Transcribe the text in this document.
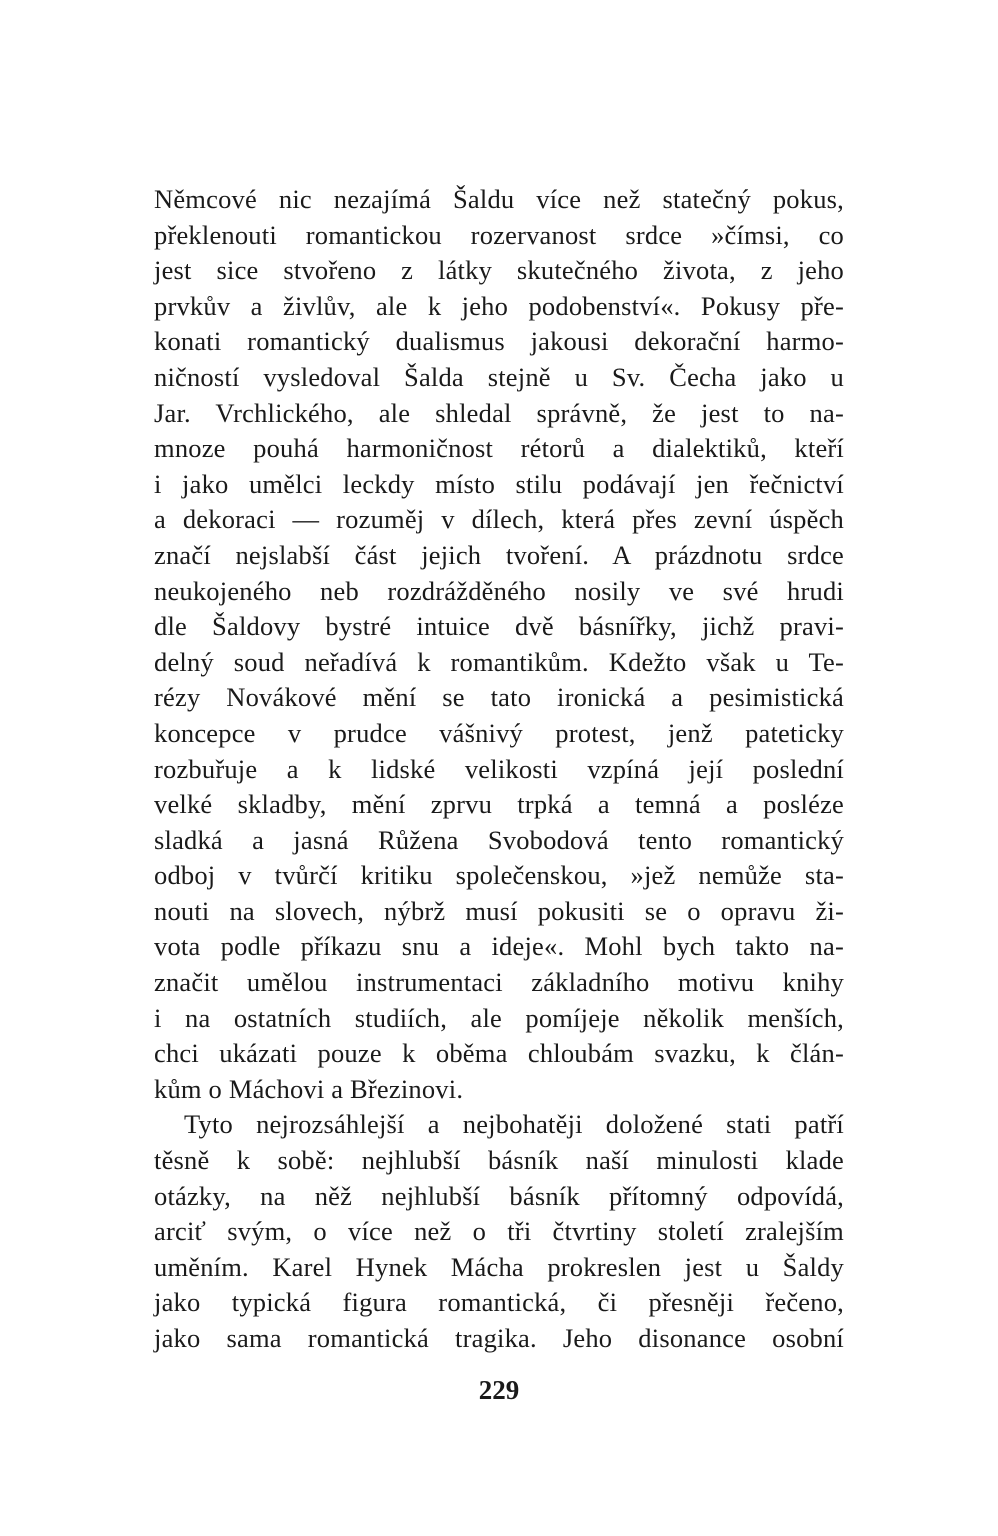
Němcové nic nezajímá Šaldu více než statečný pokus,
překlenouti romantickou rozervanost srdce »čímsi, co
jest sice stvořeno z látky skutečného života, z jeho
prvkův a živlův, ale k jeho podobenství«. Pokusy pře-
konati romantický dualismus jakousi dekorační harmo-
ničností vysledoval Šalda stejně u Sv. Čecha jako u
Jar. Vrchlického, ale shledal správně, že jest to na-
mnoze pouhá harmoničnost rétorů a dialektiků, kteří
i jako umělci leckdy místo stilu podávají jen řečnictví
a dekoraci — rozuměj v dílech, která přes zevní úspěch
značí nejslabší část jejich tvoření. A prázdnotu srdce
neukojeného neb rozdrážděného nosily ve své hrudi
dle Šaldovy bystré intuice dvě básnířky, jichž pravi-
delný soud neřadívá k romantikům. Kdežto však u Te-
rézy Novákové mění se tato ironická a pesimistická
koncepce v prudce vášnivý protest, jenž pateticky
rozbuřuje a k lidské velikosti vzpíná její poslední
velké skladby, mění zprvu trpká a temná a posléze
sladká a jasná Růžena Svobodová tento romantický
odboj v tvůrčí kritiku společenskou, »jež nemůže sta-
nouti na slovech, nýbrž musí pokusiti se o opravu ži-
vota podle příkazu snu a ideje«. Mohl bych takto na-
značit umělou instrumentaci základního motivu knihy
i na ostatních studiích, ale pomíjeje několik menších,
chci ukázati pouze k oběma chloubám svazku, k člán-
kům o Máchovi a Březinovi.
Tyto nejrozsáhlejší a nejbohatěji doložené stati patří
těsně k sobě: nejhlubší básník naší minulosti klade
otázky, na něž nejhlubší básník přítomný odpovídá,
arciť svým, o více než o tři čtvrtiny století zralejším
uměním. Karel Hynek Mácha prokreslen jest u Šaldy
jako typická figura romantická, či přesněji řečeno,
jako sama romantická tragika. Jeho disonance osobní
229
